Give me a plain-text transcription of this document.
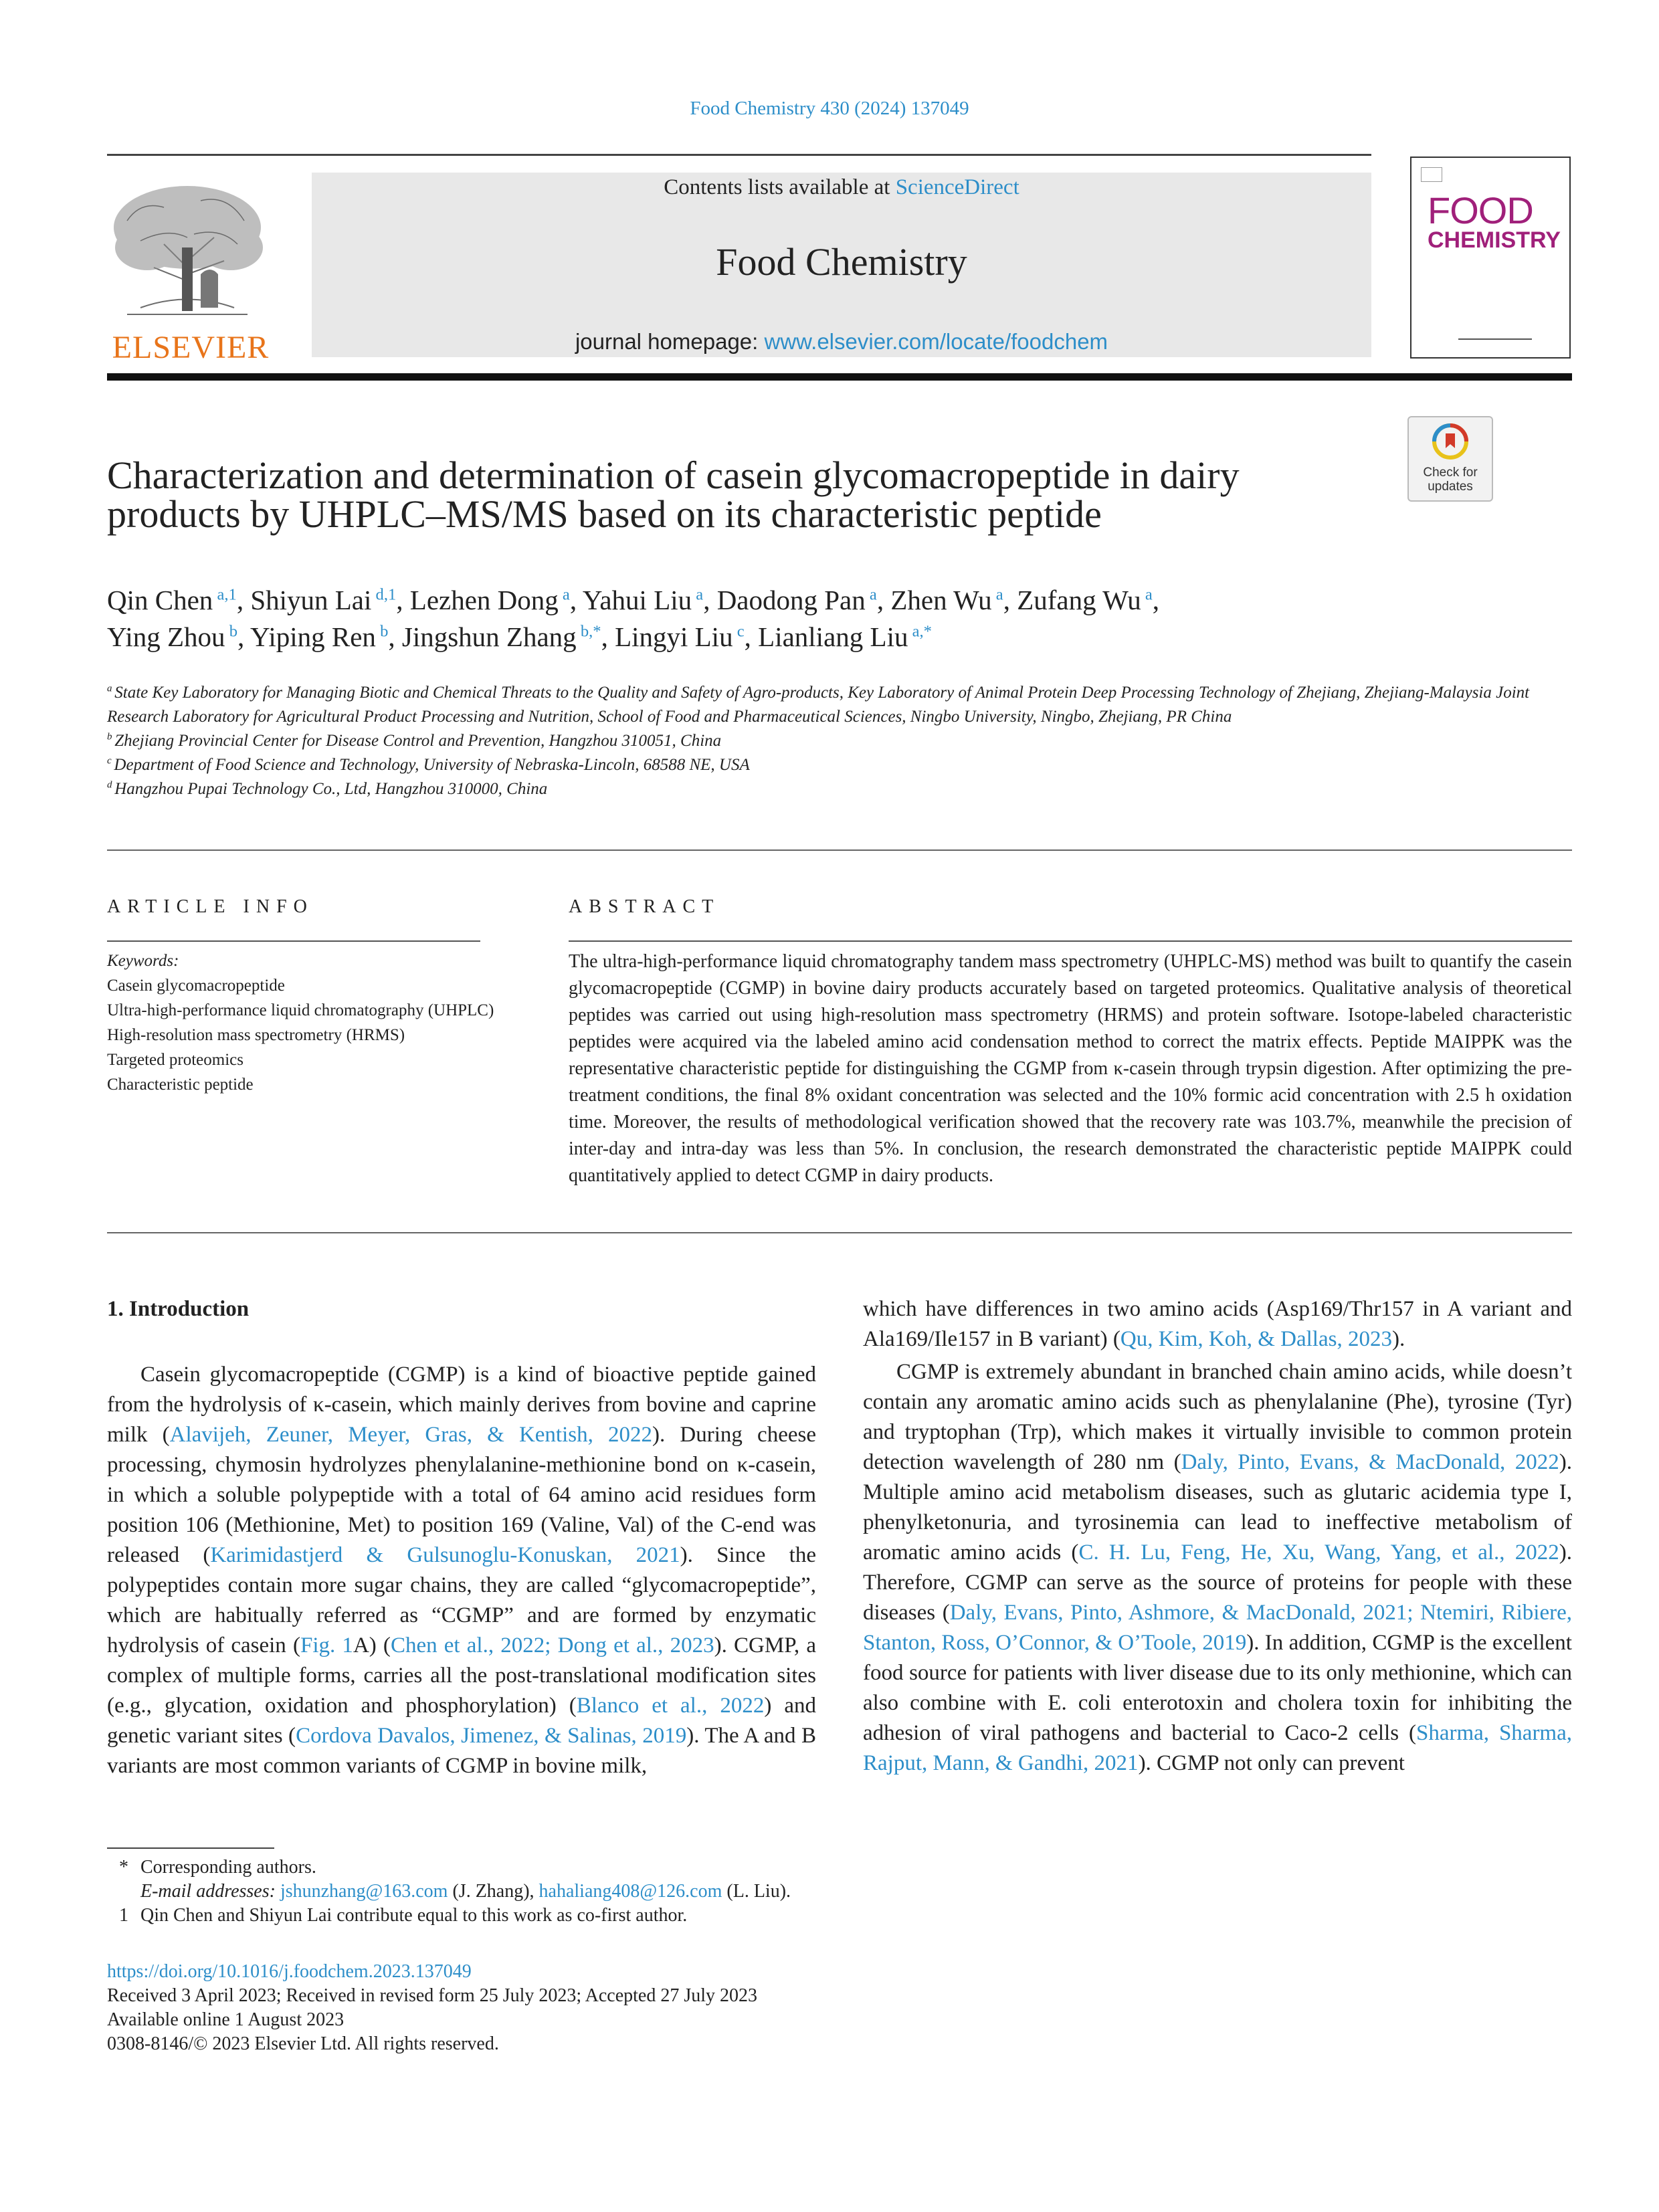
Food Chemistry 430 (2024) 137049
ELSEVIER
Contents lists available at ScienceDirect
Food Chemistry
journal homepage: www.elsevier.com/locate/foodchem
FOOD
CHEMISTRY
Check for updates
Characterization and determination of casein glycomacropeptide in dairy products by UHPLC–MS/MS based on its characteristic peptide
Qin Chen $^{a,1}$, Shiyun Lai $^{d,1}$, Lezhen Dong $^a$, Yahui Liu $^a$, Daodong Pan $^a$, Zhen Wu $^a$, Zufang Wu $^a$,
Ying Zhou $^b$, Yiping Ren $^b$, Jingshun Zhang $^{b,*}$, Lingyi Liu $^c$, Lianliang Liu $^{a,*}$
$^a$ State Key Laboratory for Managing Biotic and Chemical Threats to the Quality and Safety of Agro-products, Key Laboratory of Animal Protein Deep Processing Technology of Zhejiang, Zhejiang-Malaysia Joint Research Laboratory for Agricultural Product Processing and Nutrition, School of Food and Pharmaceutical Sciences, Ningbo University, Ningbo, Zhejiang, PR China
$^b$ Zhejiang Provincial Center for Disease Control and Prevention, Hangzhou 310051, China
$^c$ Department of Food Science and Technology, University of Nebraska-Lincoln, 68588 NE, USA
$^d$ Hangzhou Pupai Technology Co., Ltd, Hangzhou 310000, China
ARTICLE INFO	ABSTRACT
Keywords:
Casein glycomacropeptide
Ultra-high-performance liquid chromatography (UHPLC)
High-resolution mass spectrometry (HRMS)
Targeted proteomics
Characteristic peptide
The ultra-high-performance liquid chromatography tandem mass spectrometry (UHPLC-MS) method was built to quantify the casein glycomacropeptide (CGMP) in bovine dairy products accurately based on targeted proteomics. Qualitative analysis of theoretical peptides was carried out using high-resolution mass spectrometry (HRMS) and protein software. Isotope-labeled characteristic peptides were acquired via the labeled amino acid condensation method to correct the matrix effects. Peptide MAIPPK was the representative characteristic peptide for distinguishing the CGMP from κ-casein through trypsin digestion. After optimizing the pre-treatment conditions, the final 8% oxidant concentration was selected and the 10% formic acid concentration with 2.5 h oxidation time. Moreover, the results of methodological verification showed that the recovery rate was 103.7%, meanwhile the precision of inter-day and intra-day was less than 5%. In conclusion, the research demonstrated the characteristic peptide MAIPPK could quantitatively applied to detect CGMP in dairy products.
1. Introduction

Casein glycomacropeptide (CGMP) is a kind of bioactive peptide gained from the hydrolysis of κ-casein, which mainly derives from bovine and caprine milk (Alavijeh, Zeuner, Meyer, Gras, & Kentish, 2022). During cheese processing, chymosin hydrolyzes phenylalanine-methionine bond on κ-casein, in which a soluble polypeptide with a total of 64 amino acid residues form position 106 (Methionine, Met) to position 169 (Valine, Val) of the C-end was released (Karimidastjerd & Gulsunoglu-Konuskan, 2021). Since the polypeptides contain more sugar chains, they are called “glycomacropeptide”, which are habitually referred as “CGMP” and are formed by enzymatic hydrolysis of casein (Fig. 1A) (Chen et al., 2022; Dong et al., 2023). CGMP, a complex of multiple forms, carries all the post-translational modification sites (e.g., glycation, oxidation and phosphorylation) (Blanco et al., 2022) and genetic variant sites (Cordova Davalos, Jimenez, & Salinas, 2019). The A and B variants are most common variants of CGMP in bovine milk,

which have differences in two amino acids (Asp169/Thr157 in A variant and Ala169/Ile157 in B variant) (Qu, Kim, Koh, & Dallas, 2023).

CGMP is extremely abundant in branched chain amino acids, while doesn’t contain any aromatic amino acids such as phenylalanine (Phe), tyrosine (Tyr) and tryptophan (Trp), which makes it virtually invisible to common protein detection wavelength of 280 nm (Daly, Pinto, Evans, & MacDonald, 2022). Multiple amino acid metabolism diseases, such as glutaric acidemia type I, phenylketonuria, and tyrosinemia can lead to ineffective metabolism of aromatic amino acids (C. H. Lu, Feng, He, Xu, Wang, Yang, et al., 2022). Therefore, CGMP can serve as the source of proteins for people with these diseases (Daly, Evans, Pinto, Ashmore, & MacDonald, 2021; Ntemiri, Ribiere, Stanton, Ross, O’Connor, & O’Toole, 2019). In addition, CGMP is the excellent food source for patients with liver disease due to its only methionine, which can also combine with E. coli enterotoxin and cholera toxin for inhibiting the adhesion of viral pathogens and bacterial to Caco-2 cells (Sharma, Sharma, Rajput, Mann, & Gandhi, 2021). CGMP not only can prevent

* Corresponding authors.
E-mail addresses: jshunzhang@163.com (J. Zhang), hahaliang408@126.com (L. Liu).
1 Qin Chen and Shiyun Lai contribute equal to this work as co-first author.
https://doi.org/10.1016/j.foodchem.2023.137049
Received 3 April 2023; Received in revised form 25 July 2023; Accepted 27 July 2023
Available online 1 August 2023
0308-8146/© 2023 Elsevier Ltd. All rights reserved.
